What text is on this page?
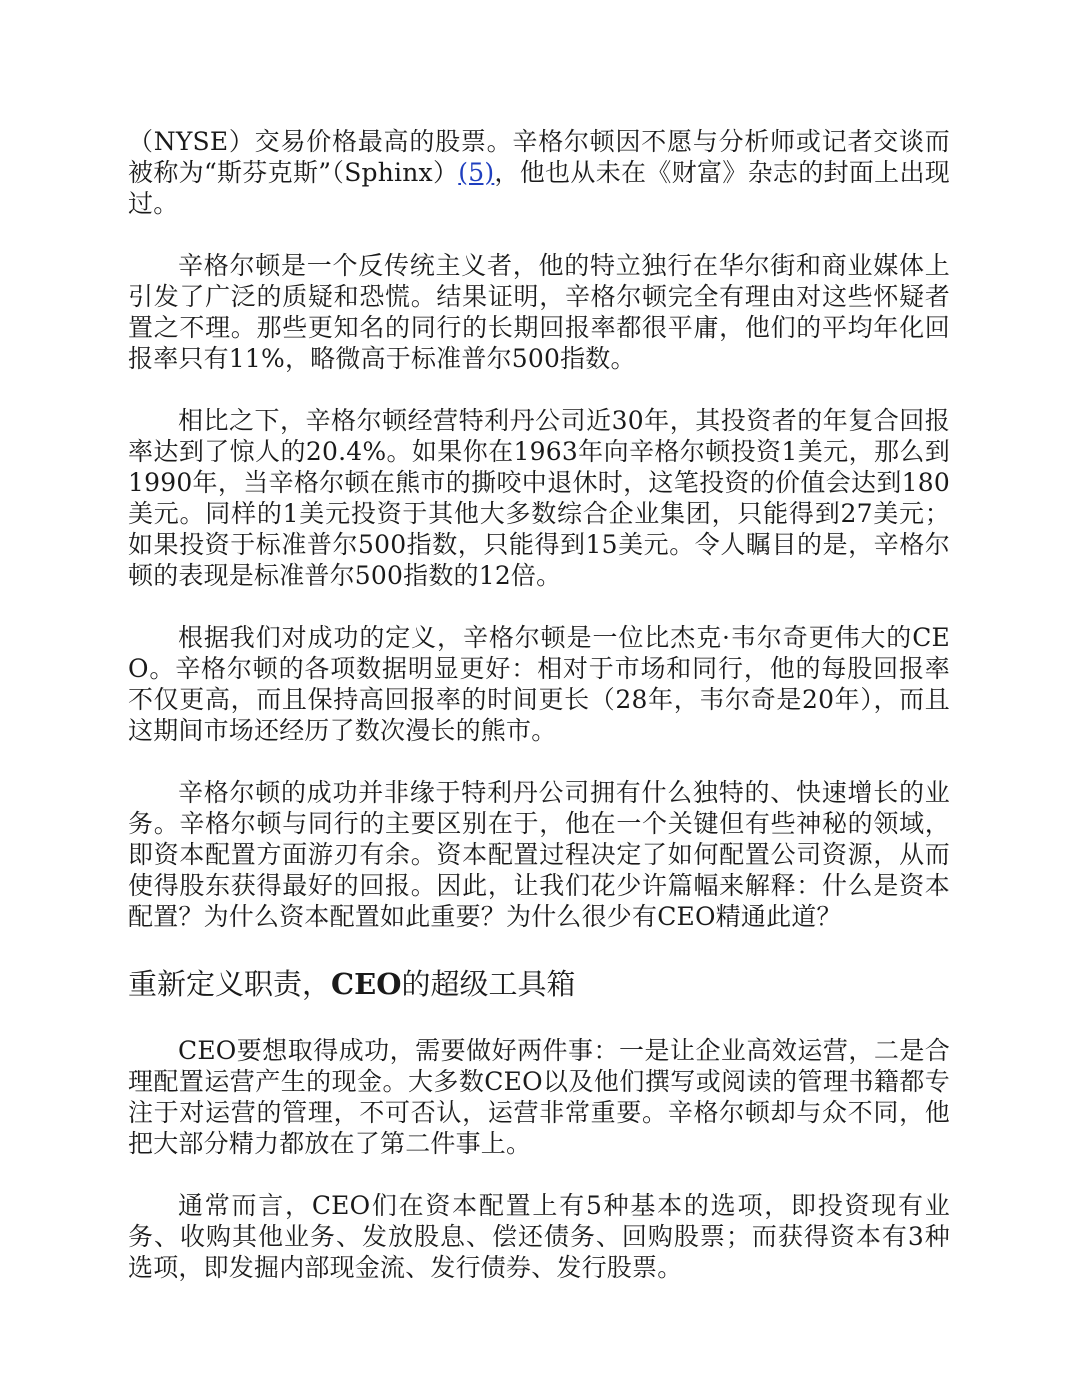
（NYSE）交易价格最高的股票。辛格尔顿因不愿与分析师或记者交谈而被称为“斯芬克斯”（Sphinx）(5)，他也从未在《财富》杂志的封面上出现过。

辛格尔顿是一个反传统主义者，他的特立独行在华尔街和商业媒体上引发了广泛的质疑和恐慌。结果证明，辛格尔顿完全有理由对这些怀疑者置之不理。那些更知名的同行的长期回报率都很平庸，他们的平均年化回报率只有11%，略微高于标准普尔500指数。

相比之下，辛格尔顿经营特利丹公司近30年，其投资者的年复合回报率达到了惊人的20.4%。如果你在1963年向辛格尔顿投资1美元，那么到1990年，当辛格尔顿在熊市的撕咬中退休时，这笔投资的价值会达到180美元。同样的1美元投资于其他大多数综合企业集团，只能得到27美元；如果投资于标准普尔500指数，只能得到15美元。令人瞩目的是，辛格尔顿的表现是标准普尔500指数的12倍。

根据我们对成功的定义，辛格尔顿是一位比杰克·韦尔奇更伟大的CEO。辛格尔顿的各项数据明显更好：相对于市场和同行，他的每股回报率不仅更高，而且保持高回报率的时间更长（28年，韦尔奇是20年），而且这期间市场还经历了数次漫长的熊市。

辛格尔顿的成功并非缘于特利丹公司拥有什么独特的、快速增长的业务。辛格尔顿与同行的主要区别在于，他在一个关键但有些神秘的领域，即资本配置方面游刃有余。资本配置过程决定了如何配置公司资源，从而使得股东获得最好的回报。因此，让我们花少许篇幅来解释：什么是资本配置？为什么资本配置如此重要？为什么很少有CEO精通此道？

重新定义职责，CEO的超级工具箱

CEO要想取得成功，需要做好两件事：一是让企业高效运营，二是合理配置运营产生的现金。大多数CEO以及他们撰写或阅读的管理书籍都专注于对运营的管理，不可否认，运营非常重要。辛格尔顿却与众不同，他把大部分精力都放在了第二件事上。

通常而言，CEO们在资本配置上有5种基本的选项，即投资现有业务、收购其他业务、发放股息、偿还债务、回购股票；而获得资本有3种选项，即发掘内部现金流、发行债券、发行股票。
